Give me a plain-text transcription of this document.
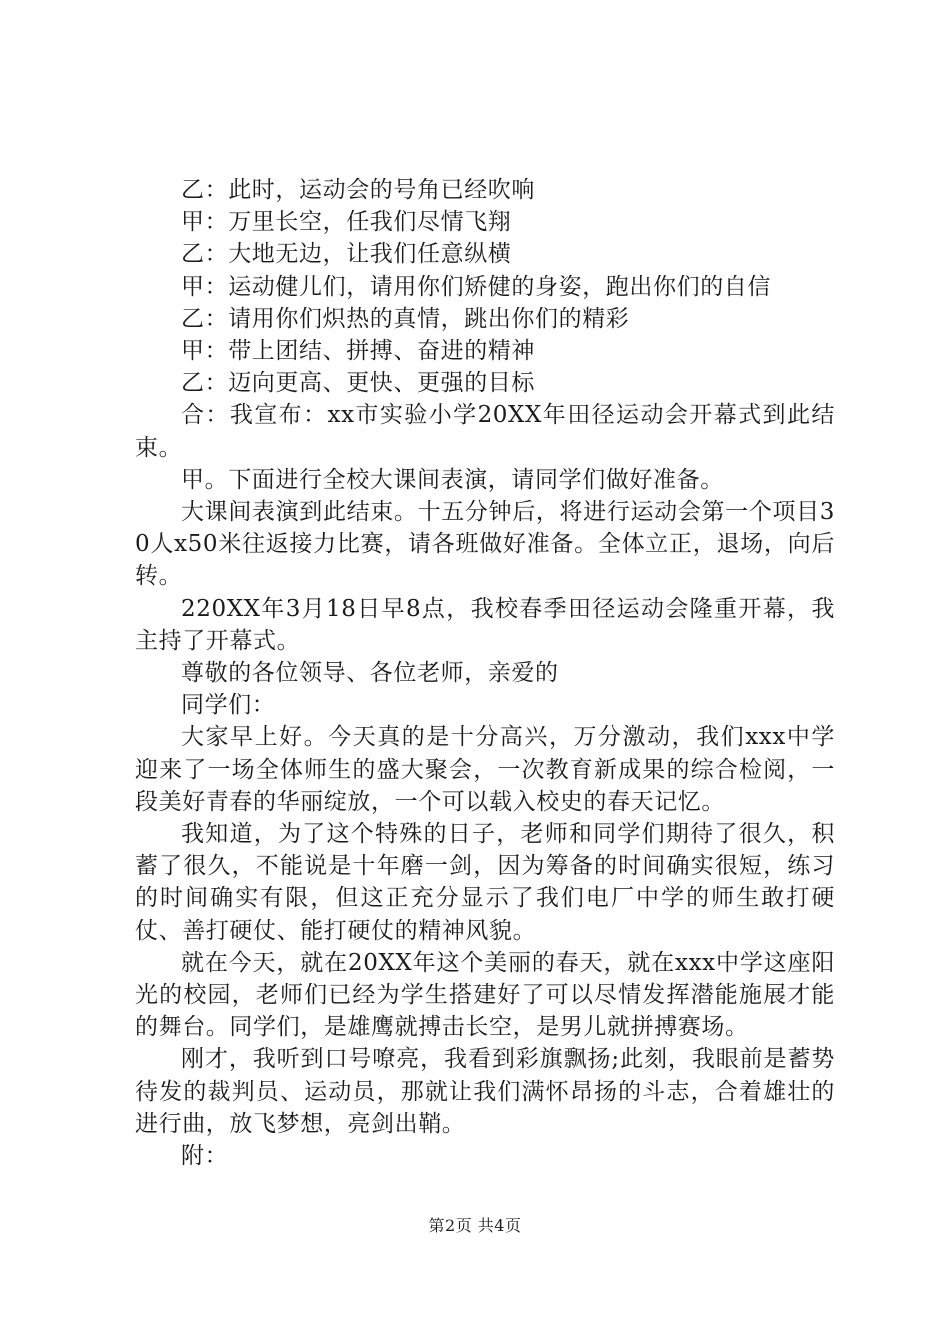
乙：此时，运动会的号角已经吹响

甲：万里长空，任我们尽情飞翔

乙：大地无边，让我们任意纵横

甲：运动健儿们，请用你们矫健的身姿，跑出你们的自信

乙：请用你们炽热的真情，跳出你们的精彩

甲：带上团结、拼搏、奋进的精神

乙：迈向更高、更快、更强的目标

合：我宣布：xx市实验小学20XX年田径运动会开幕式到此结束。

甲。下面进行全校大课间表演，请同学们做好准备。

大课间表演到此结束。十五分钟后，将进行运动会第一个项目30人x50米往返接力比赛，请各班做好准备。全体立正，退场，向后转。

220XX年3月18日早8点，我校春季田径运动会隆重开幕，我主持了开幕式。

尊敬的各位领导、各位老师，亲爱的

同学们：

大家早上好。今天真的是十分高兴，万分激动，我们xxx中学迎来了一场全体师生的盛大聚会，一次教育新成果的综合检阅，一段美好青春的华丽绽放，一个可以载入校史的春天记忆。

我知道，为了这个特殊的日子，老师和同学们期待了很久，积蓄了很久，不能说是十年磨一剑，因为筹备的时间确实很短，练习的时间确实有限，但这正充分显示了我们电厂中学的师生敢打硬仗、善打硬仗、能打硬仗的精神风貌。

就在今天，就在20XX年这个美丽的春天，就在xxx中学这座阳光的校园，老师们已经为学生搭建好了可以尽情发挥潜能施展才能的舞台。同学们，是雄鹰就搏击长空，是男儿就拼搏赛场。

刚才，我听到口号嘹亮，我看到彩旗飘扬;此刻，我眼前是蓄势待发的裁判员、运动员，那就让我们满怀昂扬的斗志，合着雄壮的进行曲，放飞梦想，亮剑出鞘。

附：

第2页 共4页
